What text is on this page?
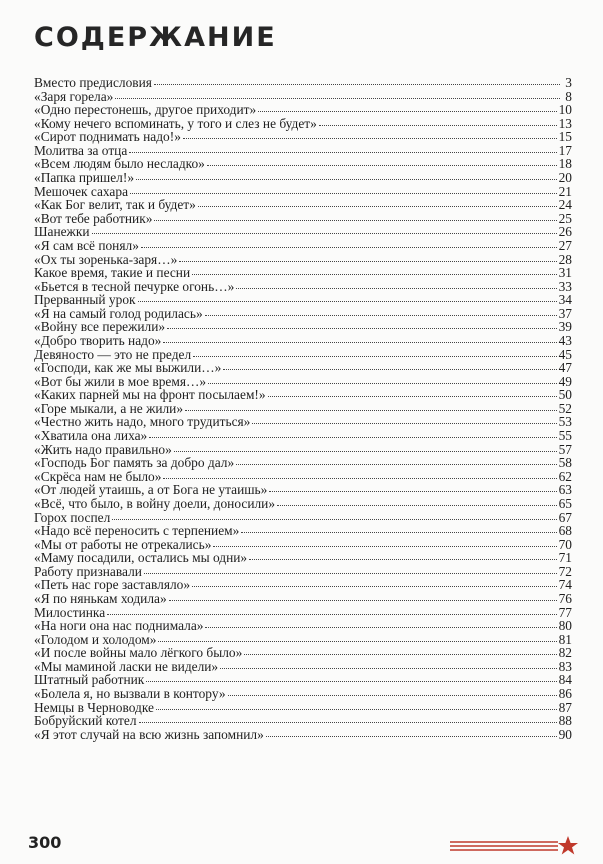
СОДЕРЖАНИЕ
Вместо предисловия	3
«Заря горела»	8
«Одно перестонешь, другое приходит»	10
«Кому нечего вспоминать, у того и слез не будет»	13
«Сирот поднимать надо!»	15
Молитва за отца	17
«Всем людям было несладко»	18
«Папка пришел!»	20
Мешочек сахара	21
«Как Бог велит, так и будет»	24
«Вот тебе работник»	25
Шанежки	26
«Я сам всё понял»	27
«Ох ты зоренька-заря…»	28
Какое время, такие и песни	31
«Бьется в тесной печурке огонь…»	33
Прерванный урок	34
«Я на самый голод родилась»	37
«Войну все пережили»	39
«Добро творить надо»	43
Девяносто — это не предел	45
«Господи, как же мы выжили…»	47
«Вот бы жили в мое время…»	49
«Каких парней мы на фронт посылаем!»	50
«Горе мыкали, а не жили»	52
«Честно жить надо, много трудиться»	53
«Хватила она лиха»	55
«Жить надо правильно»	57
«Господь Бог память за добро дал»	58
«Скрёса нам не было»	62
«От людей утаишь, а от Бога не утаишь»	63
«Всё, что было, в войну доели, доносили»	65
Горох поспел	67
«Надо всё переносить с терпением»	68
«Мы от работы не отрекались»	70
«Маму посадили, остались мы одни»	71
Работу признавали	72
«Петь нас горе заставляло»	74
«Я по нянькам ходила»	76
Милостинка	77
«На ноги она нас поднимала»	80
«Голодом и холодом»	81
«И после войны мало лёгкого было»	82
«Мы маминой ласки не видели»	83
Штатный работник	84
«Болела я, но вызвали в контору»	86
Немцы в Черноводке	87
Бобруйский котел	88
«Я этот случай на всю жизнь запомнил»	90
300
